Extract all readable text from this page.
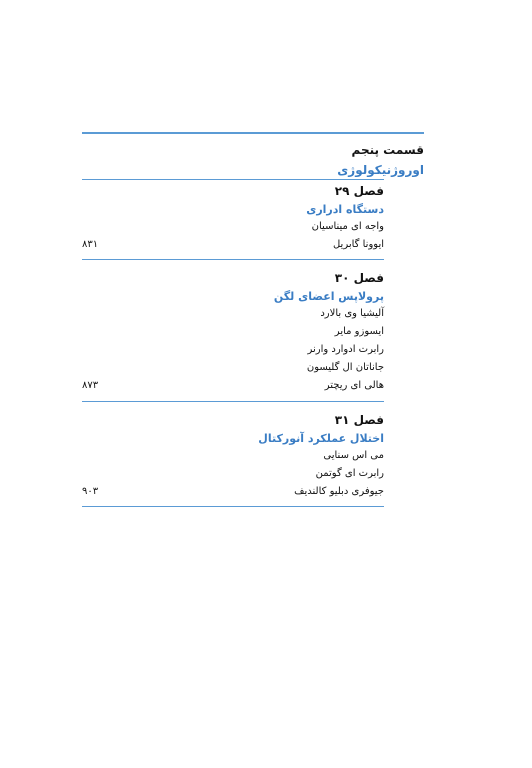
قسمت پنجم
اوروژنیکولوژی
فصل ۲۹
دستگاه ادراری
واجه ای میناسیان
ایوونا گابریل
۸۳۱
فصل ۳۰
پرولاپس اعضای لگن
آلیشیا وی بالارد
ایسوزو مایر
رابرت ادوارد وارنر
جاناتان ال گلیسون
هالی ای ریچتر
۸۷۳
فصل ۳۱
اختلال عملکرد آنورکتال
می اس سنایی
رابرت ای گوتمن
جیوفری دبلیو کالندیف
۹۰۳
